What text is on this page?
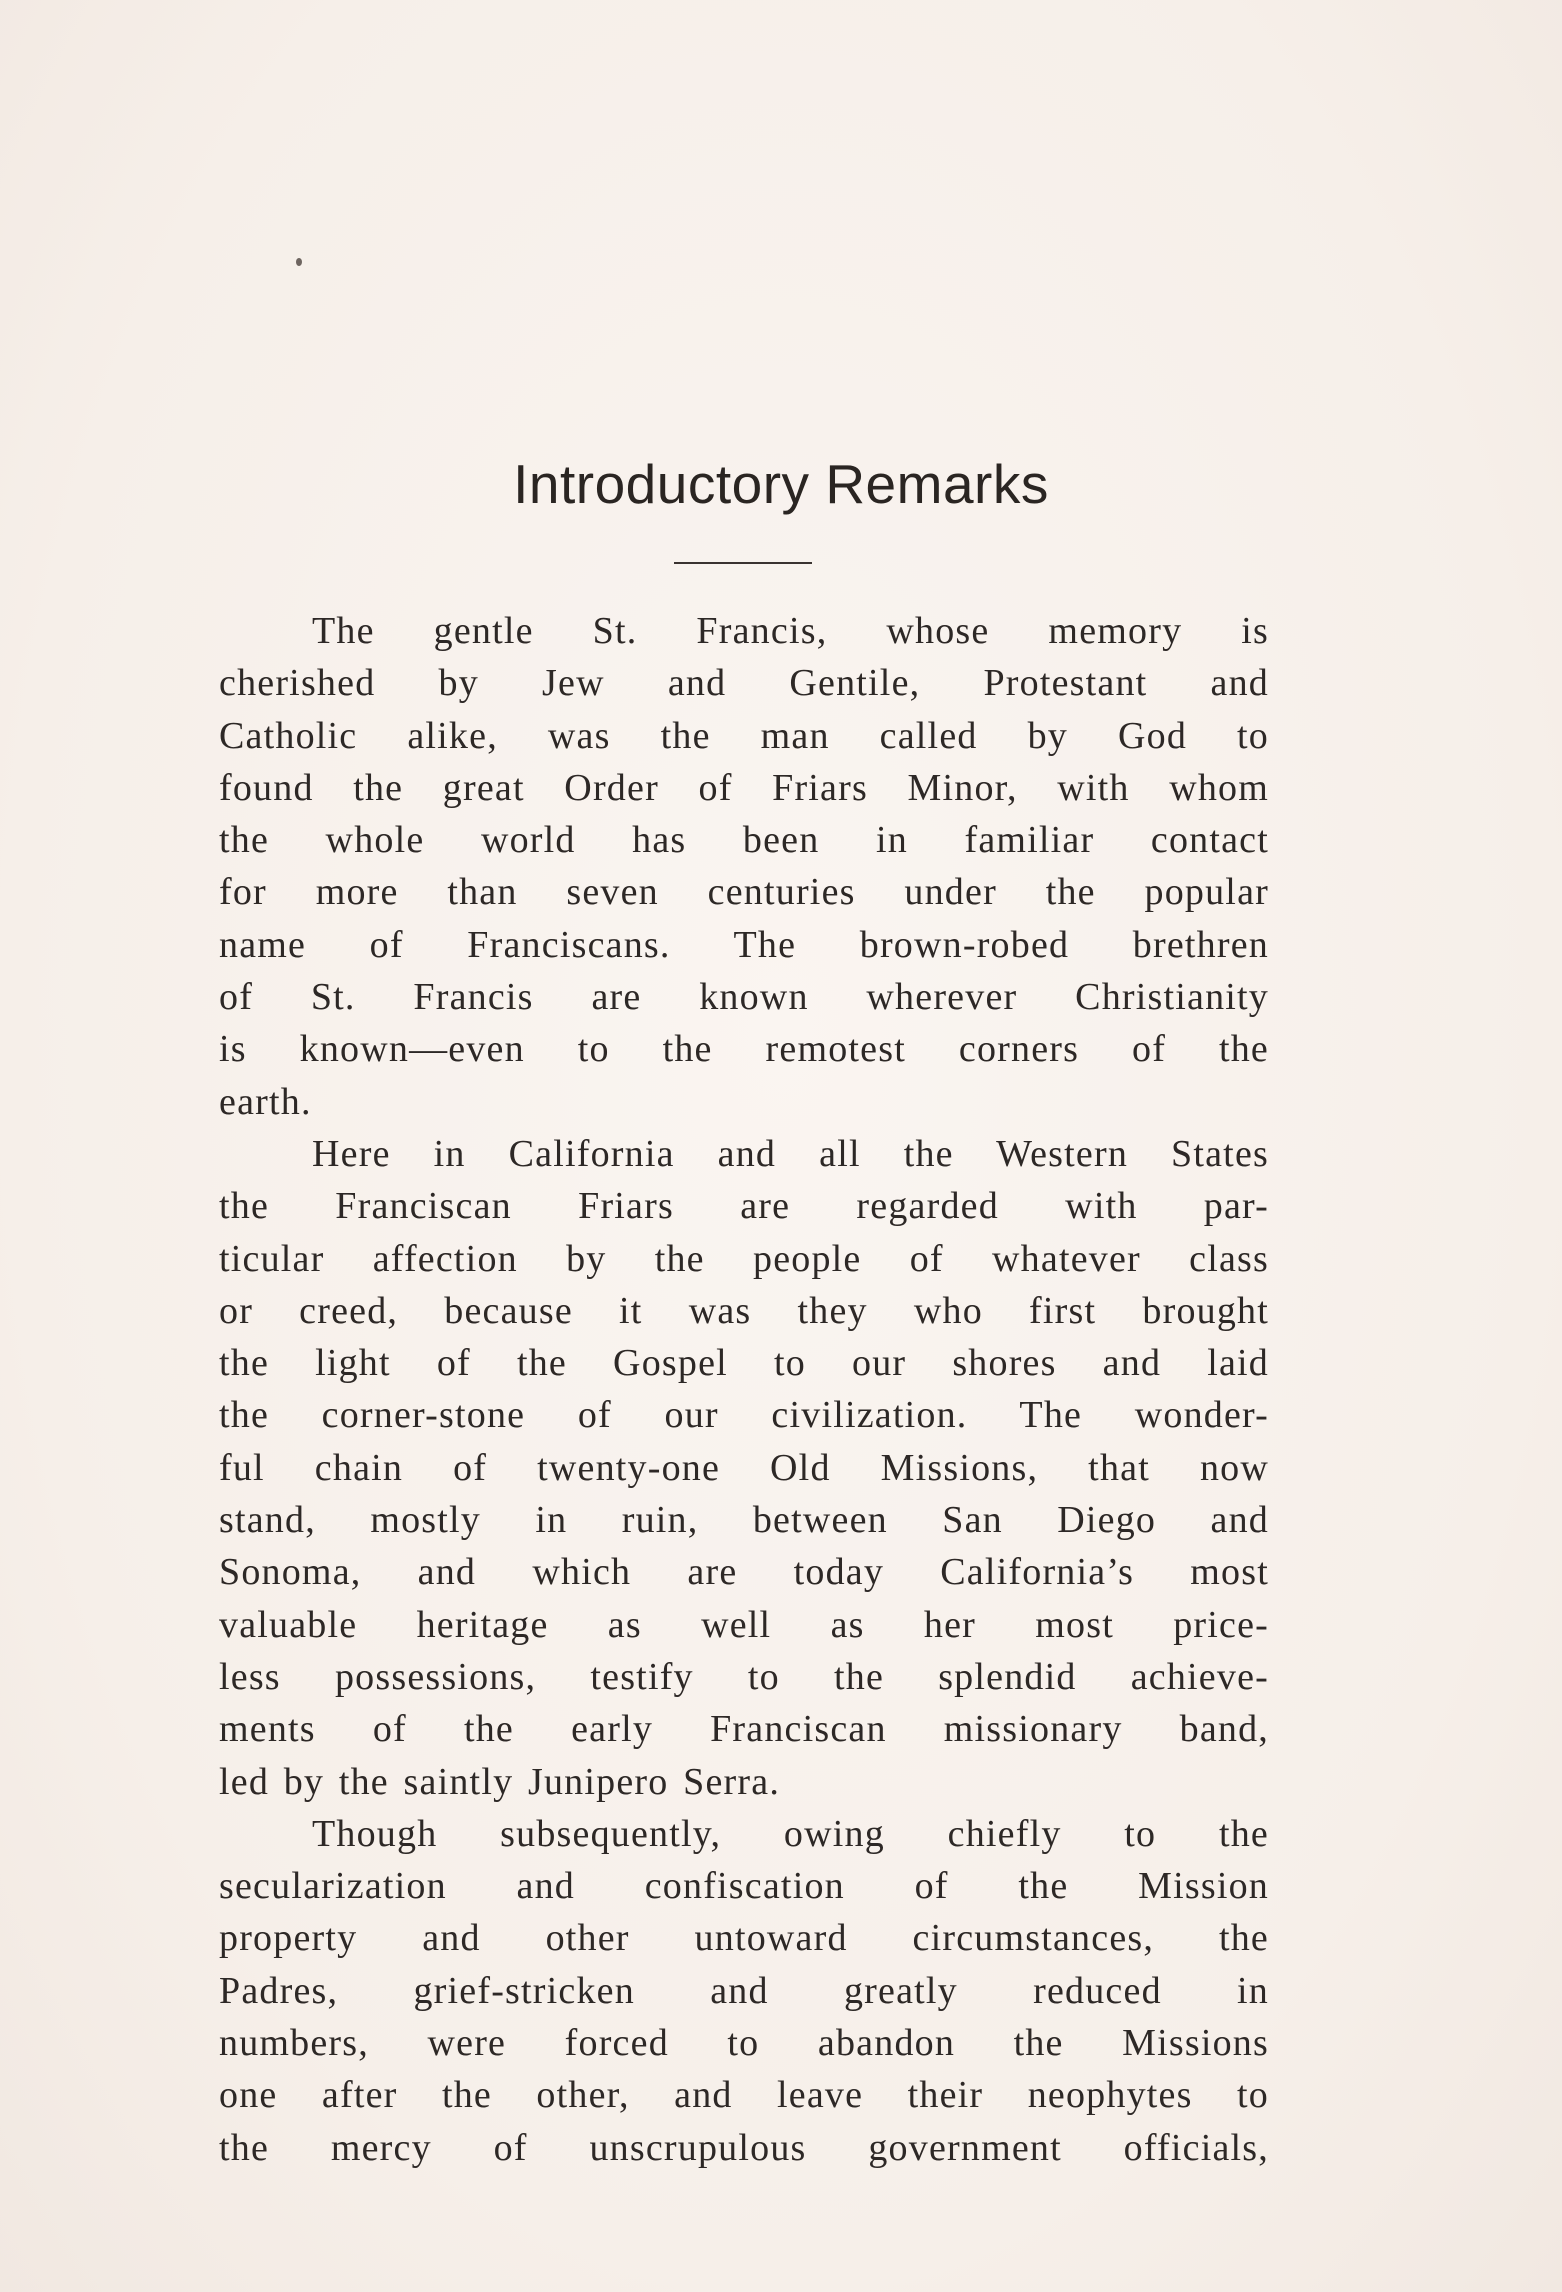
Introductory Remarks
The gentle St. Francis, whose memory is
cherished by Jew and Gentile, Protestant and
Catholic alike, was the man called by God to
found the great Order of Friars Minor, with whom
the whole world has been in familiar contact
for more than seven centuries under the popular
name of Franciscans. The brown-robed brethren
of St. Francis are known wherever Christianity
is known—even to the remotest corners of the
earth.
Here in California and all the Western States
the Franciscan Friars are regarded with par-
ticular affection by the people of whatever class
or creed, because it was they who first brought
the light of the Gospel to our shores and laid
the corner-stone of our civilization. The wonder-
ful chain of twenty-one Old Missions, that now
stand, mostly in ruin, between San Diego and
Sonoma, and which are today California’s most
valuable heritage as well as her most price-
less possessions, testify to the splendid achieve-
ments of the early Franciscan missionary band,
led by the saintly Junipero Serra.
Though subsequently, owing chiefly to the
secularization and confiscation of the Mission
property and other untoward circumstances, the
Padres, grief-stricken and greatly reduced in
numbers, were forced to abandon the Missions
one after the other, and leave their neophytes to
the mercy of unscrupulous government officials,
